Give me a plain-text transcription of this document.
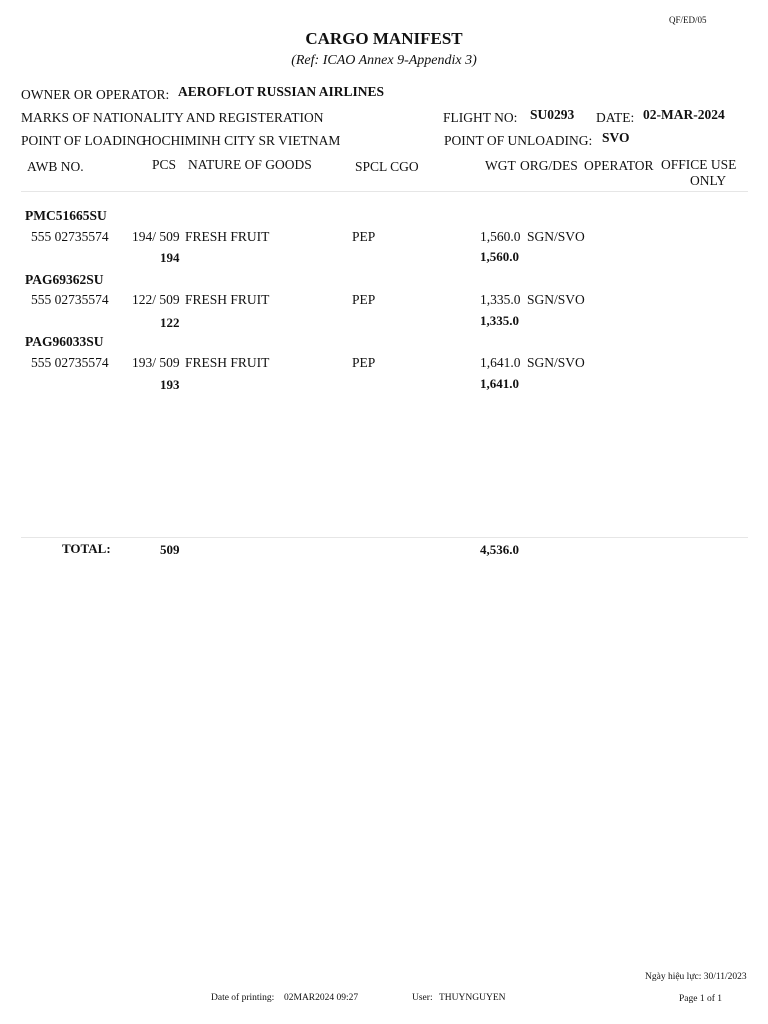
QF/ED/05
CARGO MANIFEST
(Ref: ICAO Annex 9-Appendix 3)
OWNER OR OPERATOR: AEROFLOT RUSSIAN AIRLINES
MARKS OF NATIONALITY AND REGISTERATION	FLIGHT NO: SU0293 DATE: 02-MAR-2024
POINT OF LOADING
HOCHIMINH CITY SR VIETNAM	POINT OF UNLOADING: SVO
AWB NO.	PCS NATURE OF GOODS	SPCL CGO	WGT ORG/DES OPERATOR OFFICE USE
ONLY
PMC51665SU
555 02735574 194/ 509 FRESH FRUIT	PEP	1,560.0 SGN/SVO
194	1,560.0
PAG69362SU
555 02735574 122/ 509 FRESH FRUIT	PEP	1,335.0 SGN/SVO
122	1,335.0
PAG96033SU
555 02735574 193/ 509 FRESH FRUIT	PEP	1,641.0 SGN/SVO
193	1,641.0
TOTAL:	509	4,536.0
Ngày hiệu lực: 30/11/2023
Date of printing: 02MAR2024 09:27	User: THUYNGUYEN	Page 1 of 1
